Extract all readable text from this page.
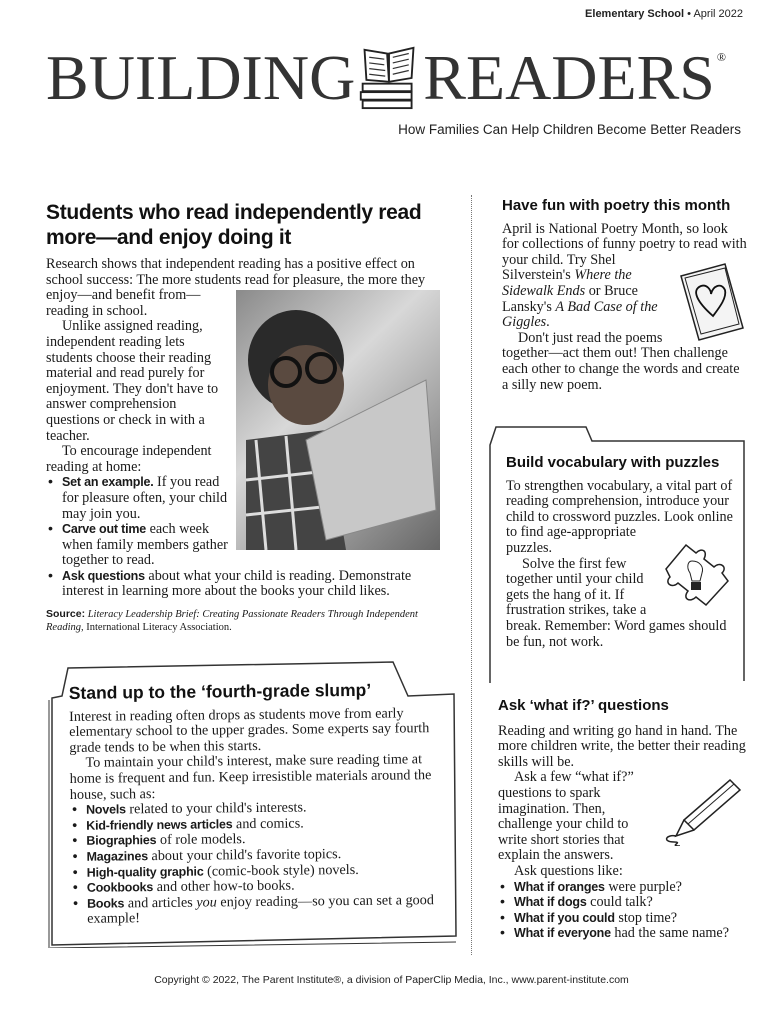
Elementary School • April 2022
BUILDING READERS ®
How Families Can Help Children Become Better Readers
Students who read independently read more—and enjoy doing it

Research shows that independent reading has a positive effect on school success: The more students read for pleasure, the more they enjoy—and benefit from—reading in school.

Unlike assigned reading, independent reading lets students choose their reading material and read purely for enjoyment. They don't have to answer comprehension questions or check in with a teacher.

To encourage independent reading at home:

• Set an example. If you read for pleasure often, your child may join you.
• Carve out time each week when family members gather together to read.
• Ask questions about what your child is reading. Demonstrate interest in learning more about the books your child likes.
Source: Literacy Leadership Brief: Creating Passionate Readers Through Independent Reading, International Literacy Association.
Stand up to the ‘fourth-grade slump’

Interest in reading often drops as students move from early elementary school to the upper grades. Some experts say fourth grade tends to be when this starts.

To maintain your child's interest, make sure reading time at home is frequent and fun. Keep irresistible materials around the house, such as:

• Novels related to your child's interests.
• Kid-friendly news articles and comics.
• Biographies of role models.
• Magazines about your child's favorite topics.
• High-quality graphic (comic-book style) novels.
• Cookbooks and other how-to books.
• Books and articles you enjoy reading—so you can set a good example!
Have fun with poetry this month

April is National Poetry Month, so look for collections of funny poetry to read with your child. Try Shel Silverstein's Where the Sidewalk Ends or Bruce Lansky's A Bad Case of the Giggles.

Don't just read the poems together—act them out! Then challenge each other to change the words and create a silly new poem.

Build vocabulary with puzzles

To strengthen vocabulary, a vital part of reading comprehension, introduce your child to crossword puzzles. Look online to find age-appropriate puzzles.

Solve the first few together until your child gets the hang of it. If frustration strikes, take a break. Remember: Word games should be fun, not work.

Ask ‘what if?’ questions

Reading and writing go hand in hand. The more children write, the better their reading skills will be.

Ask a few “what if?” questions to spark imagination. Then, challenge your child to write short stories that explain the answers.

Ask questions like:

• What if oranges were purple?
• What if dogs could talk?
• What if you could stop time?
• What if everyone had the same name?
Copyright © 2022, The Parent Institute®, a division of PaperClip Media, Inc., www.parent-institute.com
